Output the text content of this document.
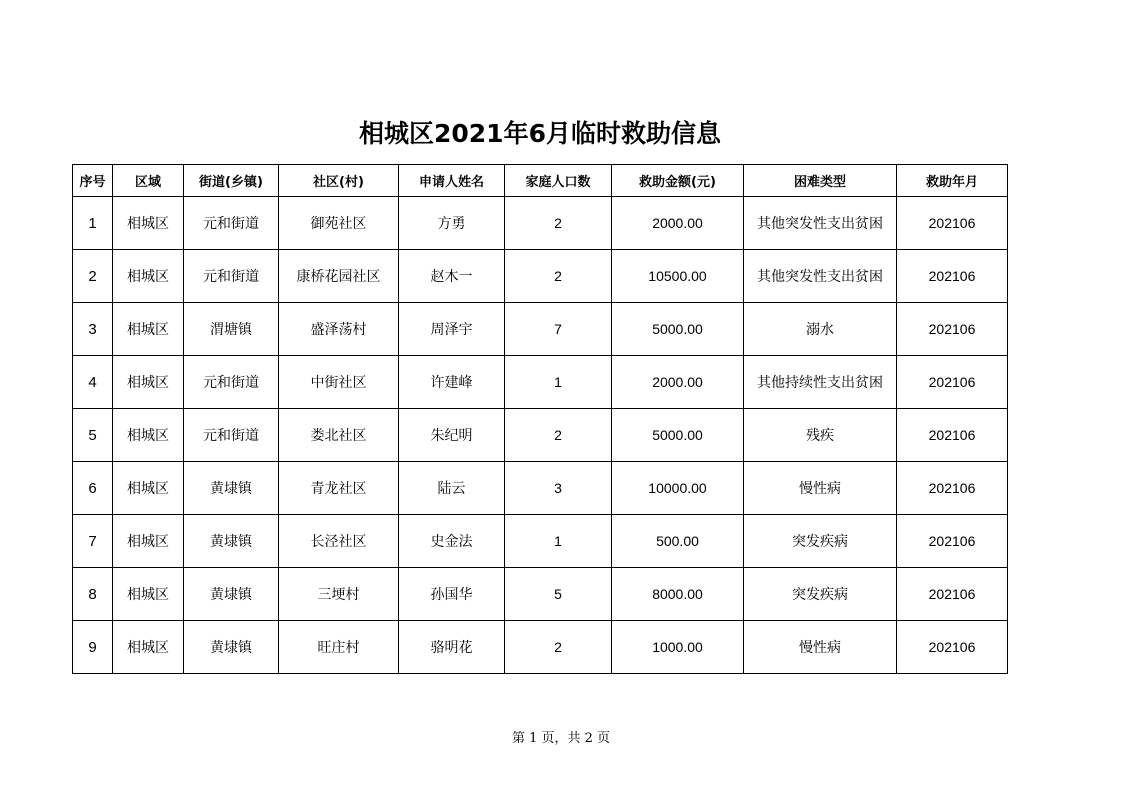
相城区2021年6月临时救助信息
序号	区域	街道(乡镇)	社区(村)	申请人姓名	家庭人口数	救助金额(元)	困难类型	救助年月
1	相城区	元和街道	御苑社区	方勇	2	2000.00	其他突发性支出贫困	202106
2	相城区	元和街道	康桥花园社区	赵木一	2	10500.00	其他突发性支出贫困	202106
3	相城区	渭塘镇	盛泽荡村	周泽宇	7	5000.00	溺水	202106
4	相城区	元和街道	中街社区	许建峰	1	2000.00	其他持续性支出贫困	202106
5	相城区	元和街道	娄北社区	朱纪明	2	5000.00	残疾	202106
6	相城区	黄埭镇	青龙社区	陆云	3	10000.00	慢性病	202106
7	相城区	黄埭镇	长泾社区	史金法	1	500.00	突发疾病	202106
8	相城区	黄埭镇	三埂村	孙国华	5	8000.00	突发疾病	202106
9	相城区	黄埭镇	旺庄村	骆明花	2	1000.00	慢性病	202106
第 1 页，共 2 页
